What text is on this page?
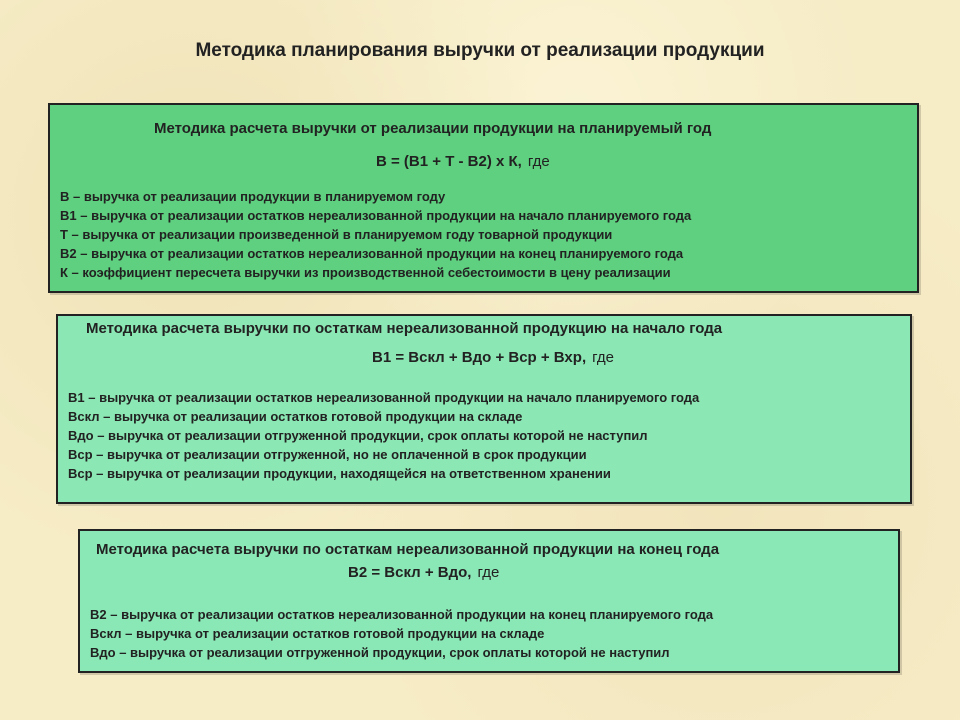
Методика планирования выручки от реализации продукции
Методика расчета выручки от реализации продукции на планируемый год
В = (В1 + Т - В2) х К, где
В – выручка от реализации продукции в планируемом году
В1 – выручка от реализации остатков нереализованной продукции на начало планируемого года
Т – выручка от реализации произведенной в планируемом году товарной продукции
В2 – выручка от реализации остатков нереализованной продукции на конец планируемого года
К – коэффициент пересчета выручки из производственной себестоимости в цену реализации
Методика расчета выручки по остаткам нереализованной продукцию на начало года
В1 = Вскл + Вдо + Вср + Вхр, где
В1 – выручка от реализации остатков нереализованной продукции на начало планируемого года
Вскл – выручка от реализации остатков готовой продукции на складе
Вдо – выручка от реализации отгруженной продукции, срок оплаты которой не наступил
Вср – выручка от реализации отгруженной, но не оплаченной в срок продукции
Вср – выручка от реализации продукции, находящейся на ответственном хранении
Методика расчета выручки по остаткам нереализованной продукции на конец года
В2 = Вскл + Вдо, где
В2 – выручка от реализации остатков нереализованной продукции на конец планируемого года
Вскл – выручка от реализации остатков готовой продукции на складе
Вдо – выручка от реализации отгруженной продукции, срок оплаты которой не наступил
